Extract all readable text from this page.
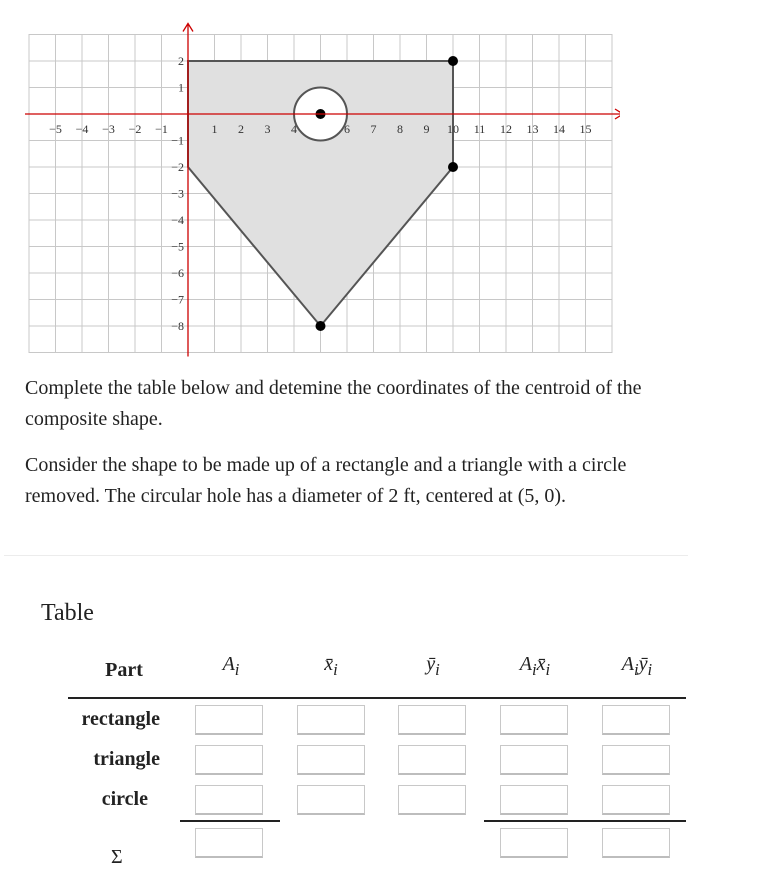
−5 −4 −3 −2 −1	1 2 3 4	6 7 8 9 10 11 12 13 14 15
2
1
−1
−2
−3
−4
−5
−6
−7
−8

Complete the table below and detemine the coordinates of the centroid of the composite shape.

Consider the shape to be made up of a rectangle and a triangle with a circle removed. The circular hole has a diameter of 2 ft, centered at (5, 0).

Table
Part	$A_i$	$x̄_i$	$ȳ_i$	$A_ix̄_i$	$A_iȳ_i$
rectangle
triangle
circle
Σ
